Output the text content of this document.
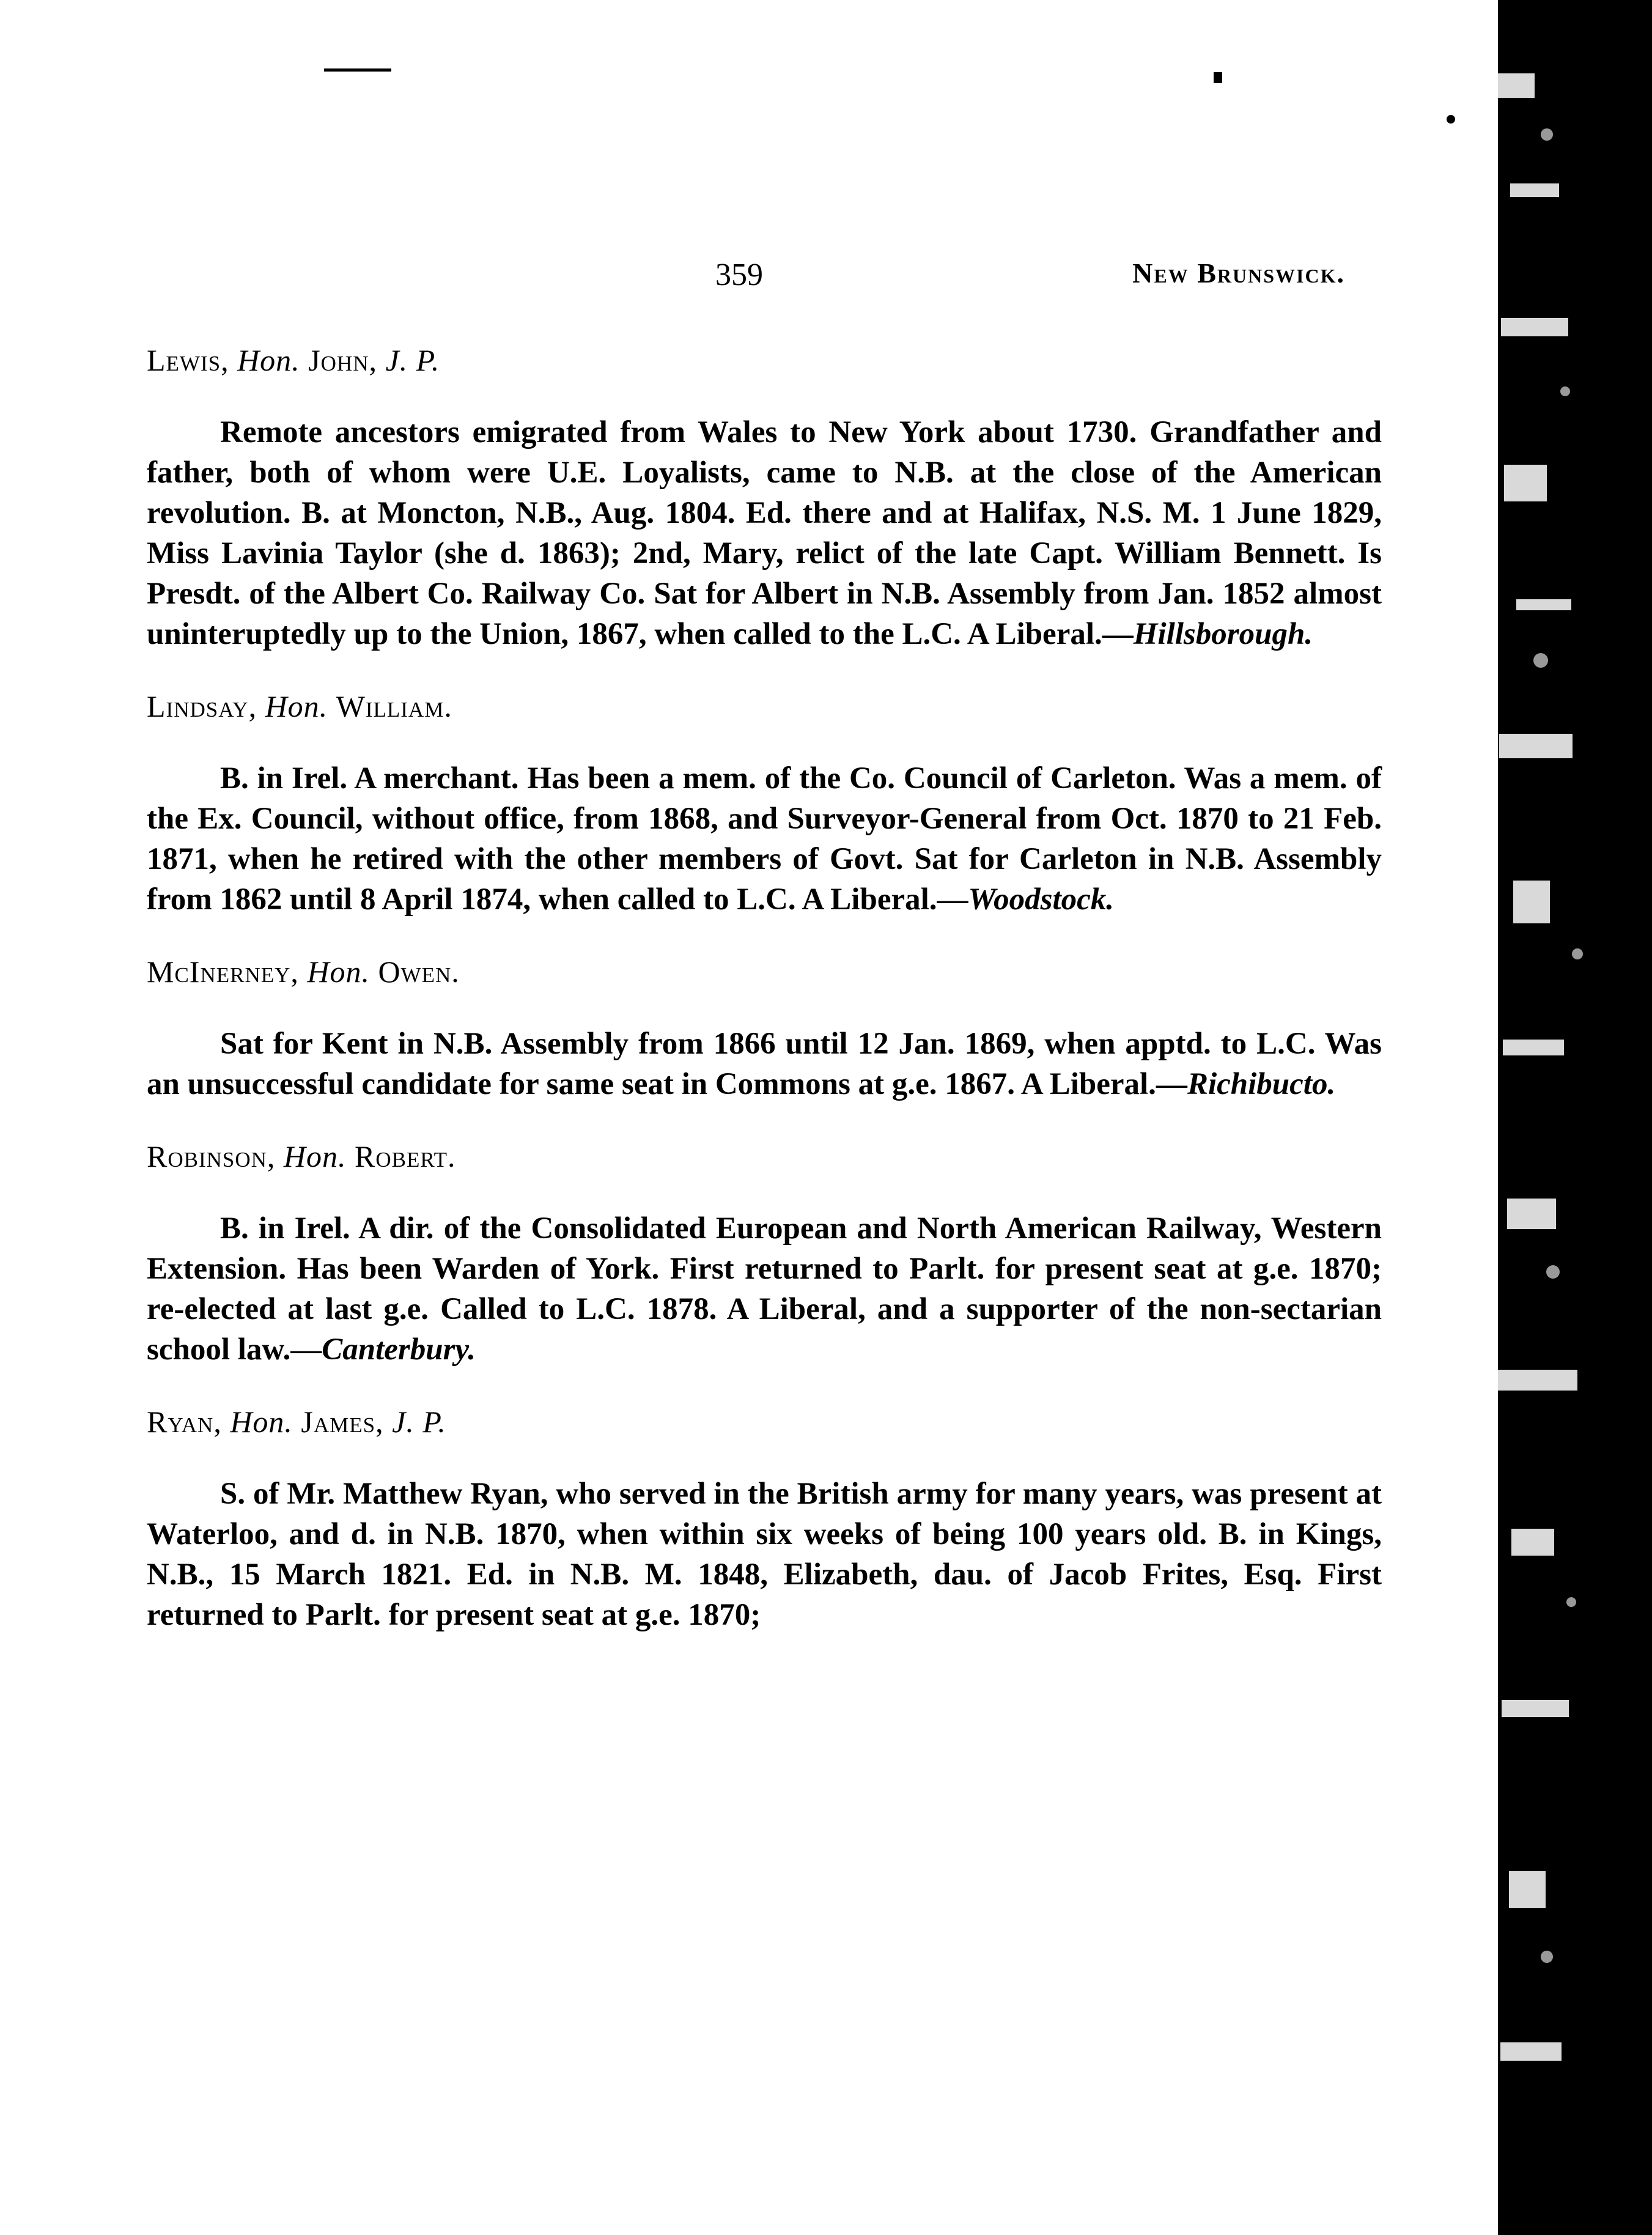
359	New Brunswick.

Lewis, Hon. John, J. P.

Remote ancestors emigrated from Wales to New York about 1730. Grandfather and father, both of whom were U.E. Loyalists, came to N.B. at the close of the American revolution. B. at Moncton, N.B., Aug. 1804. Ed. there and at Halifax, N.S. M. 1 June 1829, Miss Lavinia Taylor (she d. 1863); 2nd, Mary, relict of the late Capt. William Bennett. Is Presdt. of the Albert Co. Railway Co. Sat for Albert in N.B. Assembly from Jan. 1852 almost uninteruptedly up to the Union, 1867, when called to the L.C. A Liberal.—Hillsborough.

Lindsay, Hon. William.

B. in Irel. A merchant. Has been a mem. of the Co. Council of Carleton. Was a mem. of the Ex. Council, without office, from 1868, and Surveyor-General from Oct. 1870 to 21 Feb. 1871, when he retired with the other members of Govt. Sat for Carleton in N.B. Assembly from 1862 until 8 April 1874, when called to L.C. A Liberal.—Woodstock.

McInerney, Hon. Owen.

Sat for Kent in N.B. Assembly from 1866 until 12 Jan. 1869, when apptd. to L.C. Was an unsuccessful candidate for same seat in Commons at g.e. 1867. A Liberal.—Richibucto.

Robinson, Hon. Robert.

B. in Irel. A dir. of the Consolidated European and North American Railway, Western Extension. Has been Warden of York. First returned to Parlt. for present seat at g.e. 1870; re-elected at last g.e. Called to L.C. 1878. A Liberal, and a supporter of the non-sectarian school law.—Canterbury.

Ryan, Hon. James, J. P.

S. of Mr. Matthew Ryan, who served in the British army for many years, was present at Waterloo, and d. in N.B. 1870, when within six weeks of being 100 years old. B. in Kings, N.B., 15 March 1821. Ed. in N.B. M. 1848, Elizabeth, dau. of Jacob Frites, Esq. First returned to Parlt. for present seat at g.e. 1870;
